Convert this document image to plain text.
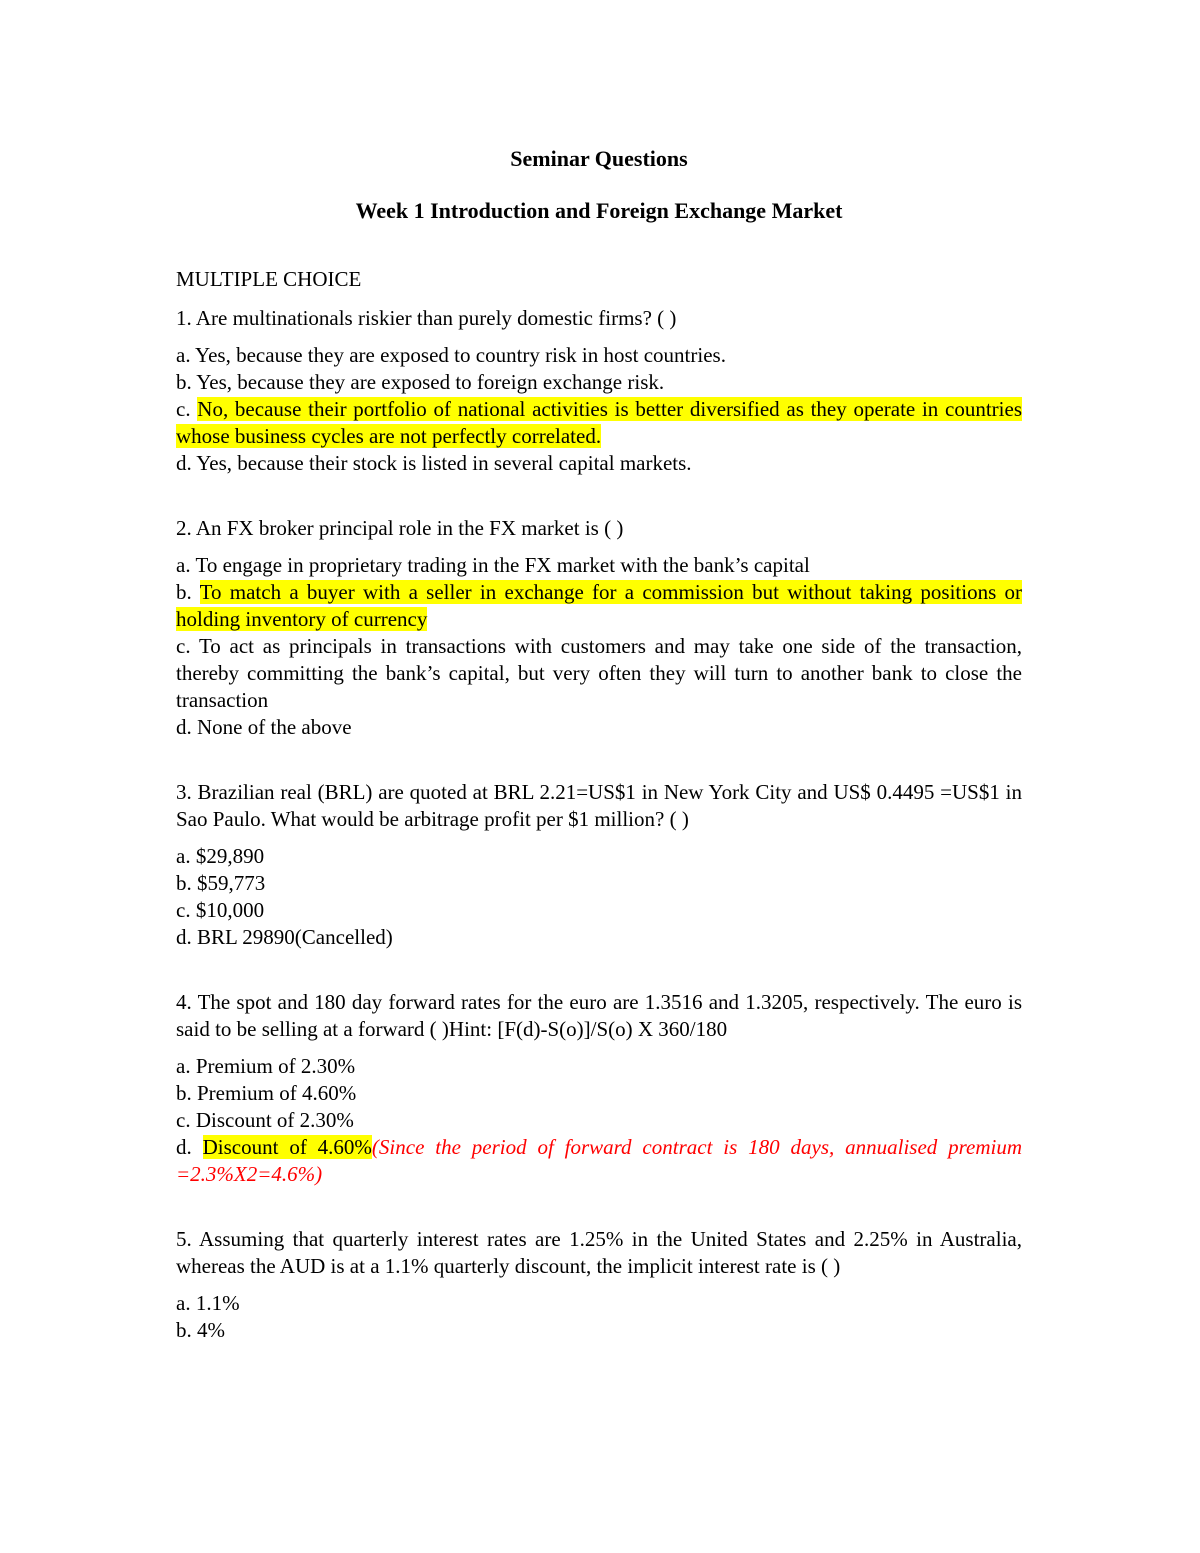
Seminar Questions

Week 1 Introduction and Foreign Exchange Market

MULTIPLE CHOICE
1. Are multinationals riskier than purely domestic firms? ( )
a. Yes, because they are exposed to country risk in host countries.
b. Yes, because they are exposed to foreign exchange risk.
c. No, because their portfolio of national activities is better diversified as they operate in countries whose business cycles are not perfectly correlated.
d. Yes, because their stock is listed in several capital markets.
2. An FX broker principal role in the FX market is ( )
a. To engage in proprietary trading in the FX market with the bank’s capital
b. To match a buyer with a seller in exchange for a commission but without taking positions or holding inventory of currency
c. To act as principals in transactions with customers and may take one side of the transaction, thereby committing the bank’s capital, but very often they will turn to another bank to close the transaction
d. None of the above
3. Brazilian real (BRL) are quoted at BRL 2.21=US$1 in New York City and US$ 0.4495 =US$1 in Sao Paulo. What would be arbitrage profit per $1 million? ( )
a. $29,890
b. $59,773
c. $10,000
d. BRL 29890(Cancelled)
4. The spot and 180 day forward rates for the euro are 1.3516 and 1.3205, respectively. The euro is said to be selling at a forward ( )Hint: [F(d)-S(o)]/S(o) X 360/180
a. Premium of 2.30%
b. Premium of 4.60%
c. Discount of 2.30%
d. Discount of 4.60%(Since the period of forward contract is 180 days, annualised premium =2.3%X2=4.6%)
5. Assuming that quarterly interest rates are 1.25% in the United States and 2.25% in Australia, whereas the AUD is at a 1.1% quarterly discount, the implicit interest rate is ( )
a. 1.1%
b. 4%
